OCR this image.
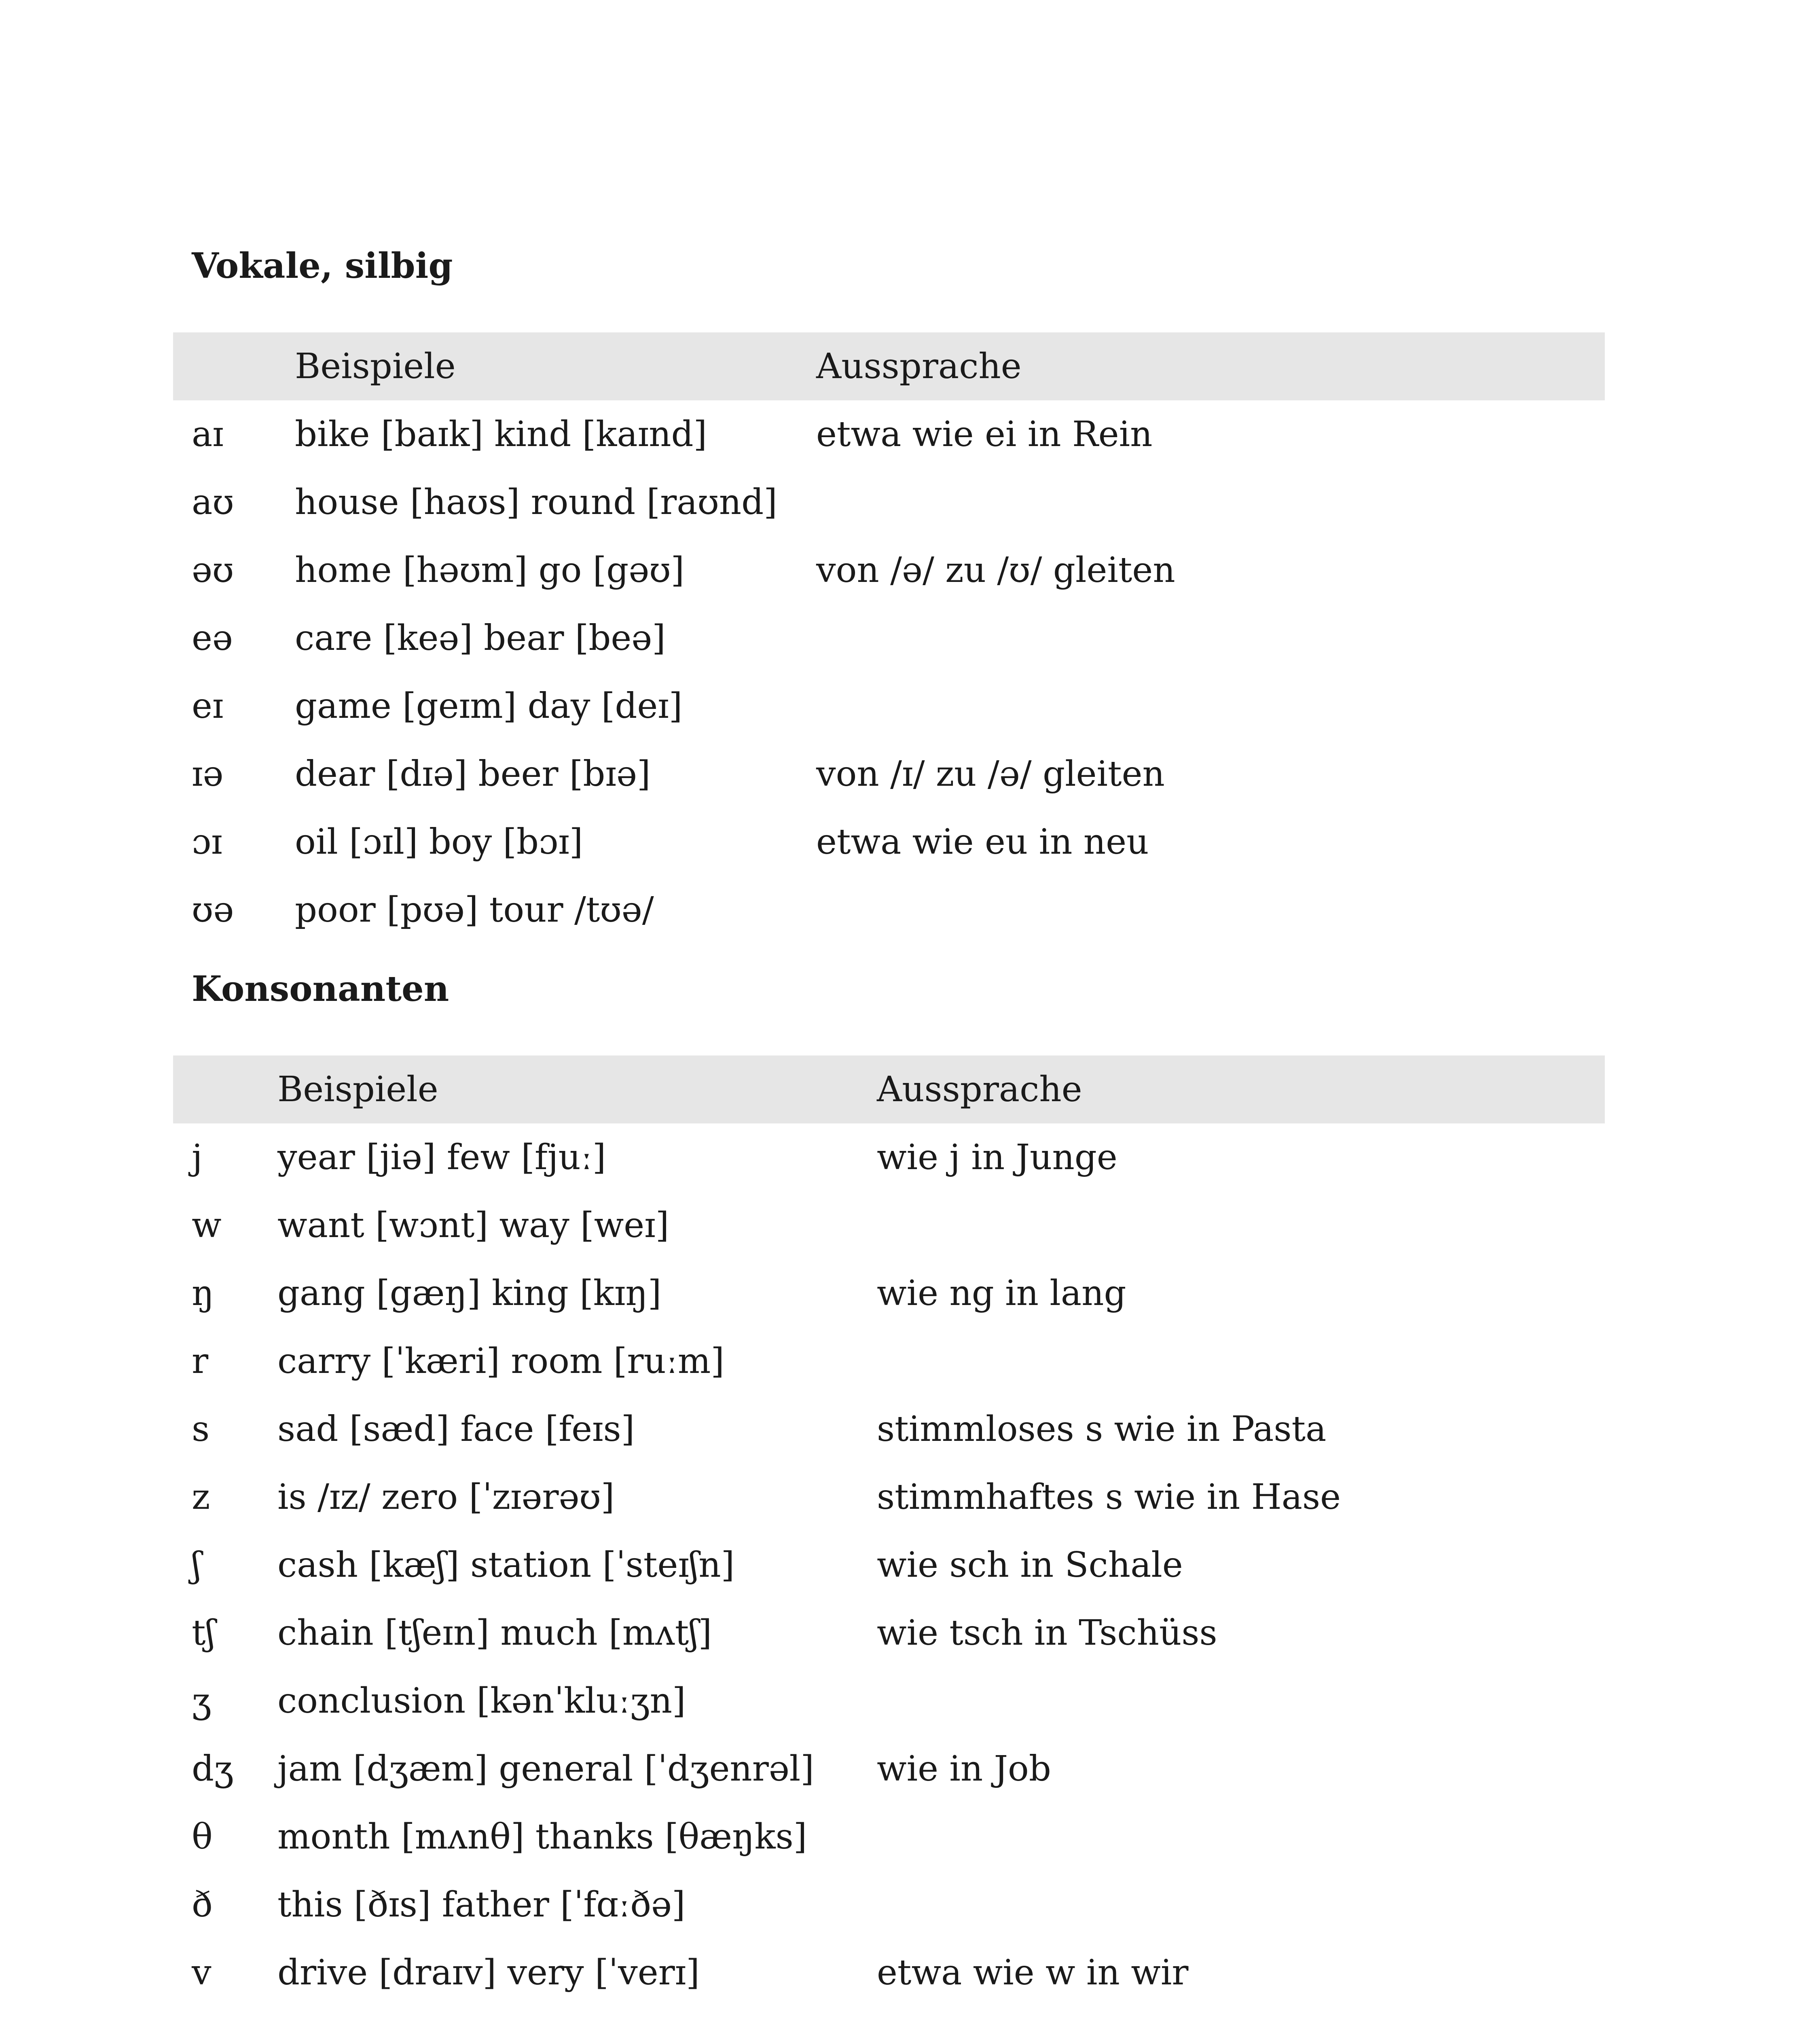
Vokale, silbig
	Beispiele	Aussprache
aɪ	bike [baɪk] kind [kaɪnd]	etwa wie ei in Rein
aʊ	house [haʊs] round [raʊnd]	
əʊ	home [həʊm] go [gəʊ]	von /ə/ zu /ʊ/ gleiten
eə	care [keə] bear [beə]	
eɪ	game [geɪm] day [deɪ]	
ɪə	dear [dɪə] beer [bɪə]	von /ɪ/ zu /ə/ gleiten
ɔɪ	oil [ɔɪl] boy [bɔɪ]	etwa wie eu in neu
ʊə	poor [pʊə] tour /tʊə/	
Konsonanten
	Beispiele	Aussprache
j	year [jiə] few [fjuː]	wie j in Junge
w	want [wɔnt] way [weɪ]	
ŋ	gang [gæŋ] king [kɪŋ]	wie ng in lang
r	carry [ˈkæri] room [ruːm]	
s	sad [sæd] face [feɪs]	stimmloses s wie in Pasta
z	is /ɪz/ zero [ˈzɪərəʊ]	stimmhaftes s wie in Hase
ʃ	cash [kæʃ] station [ˈsteɪʃn]	wie sch in Schale
tʃ	chain [tʃeɪn] much [mʌtʃ]	wie tsch in Tschüss
ʒ	conclusion [kənˈkluːʒn]	
dʒ	jam [dʒæm] general [ˈdʒenrəl]	wie in Job
θ	month [mʌnθ] thanks [θæŋks]	
ð	this [ðɪs] father [ˈfɑːðə]	
v	drive [draɪv] very [ˈverɪ]	etwa wie w in wir
